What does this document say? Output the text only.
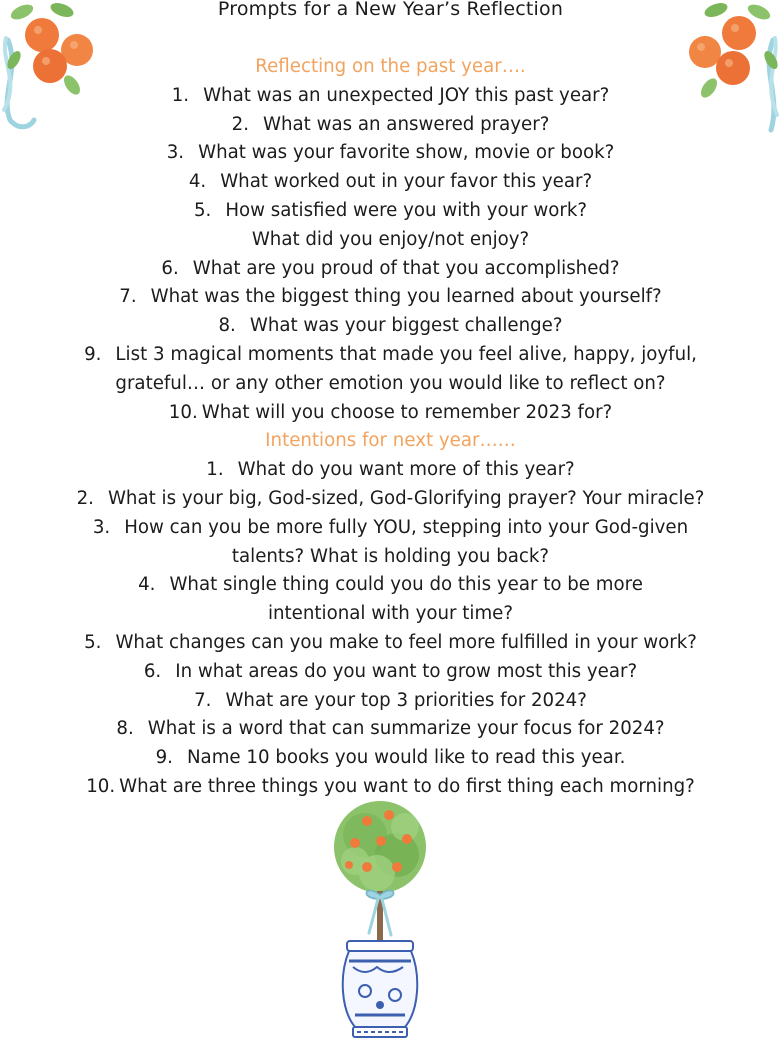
Prompts for a New Year’s Reflection
Reflecting on the past year….
1. What was an unexpected JOY this past year?
2. What was an answered prayer?
3. What was your favorite show, movie or book?
4. What worked out in your favor this year?
5. How satisfied were you with your work?
What did you enjoy/not enjoy?
6. What are you proud of that you accomplished?
7. What was the biggest thing you learned about yourself?
8. What was your biggest challenge?
9. List 3 magical moments that made you feel alive, happy, joyful,
grateful… or any other emotion you would like to reflect on?
10. What will you choose to remember 2023 for?
Intentions for next year……
1. What do you want more of this year?
2. What is your big, God-sized, God-Glorifying prayer? Your miracle?
3. How can you be more fully YOU, stepping into your God-given
talents? What is holding you back?
4. What single thing could you do this year to be more
intentional with your time?
5. What changes can you make to feel more fulfilled in your work?
6. In what areas do you want to grow most this year?
7. What are your top 3 priorities for 2024?
8. What is a word that can summarize your focus for 2024?
9. Name 10 books you would like to read this year.
10. What are three things you want to do first thing each morning?
